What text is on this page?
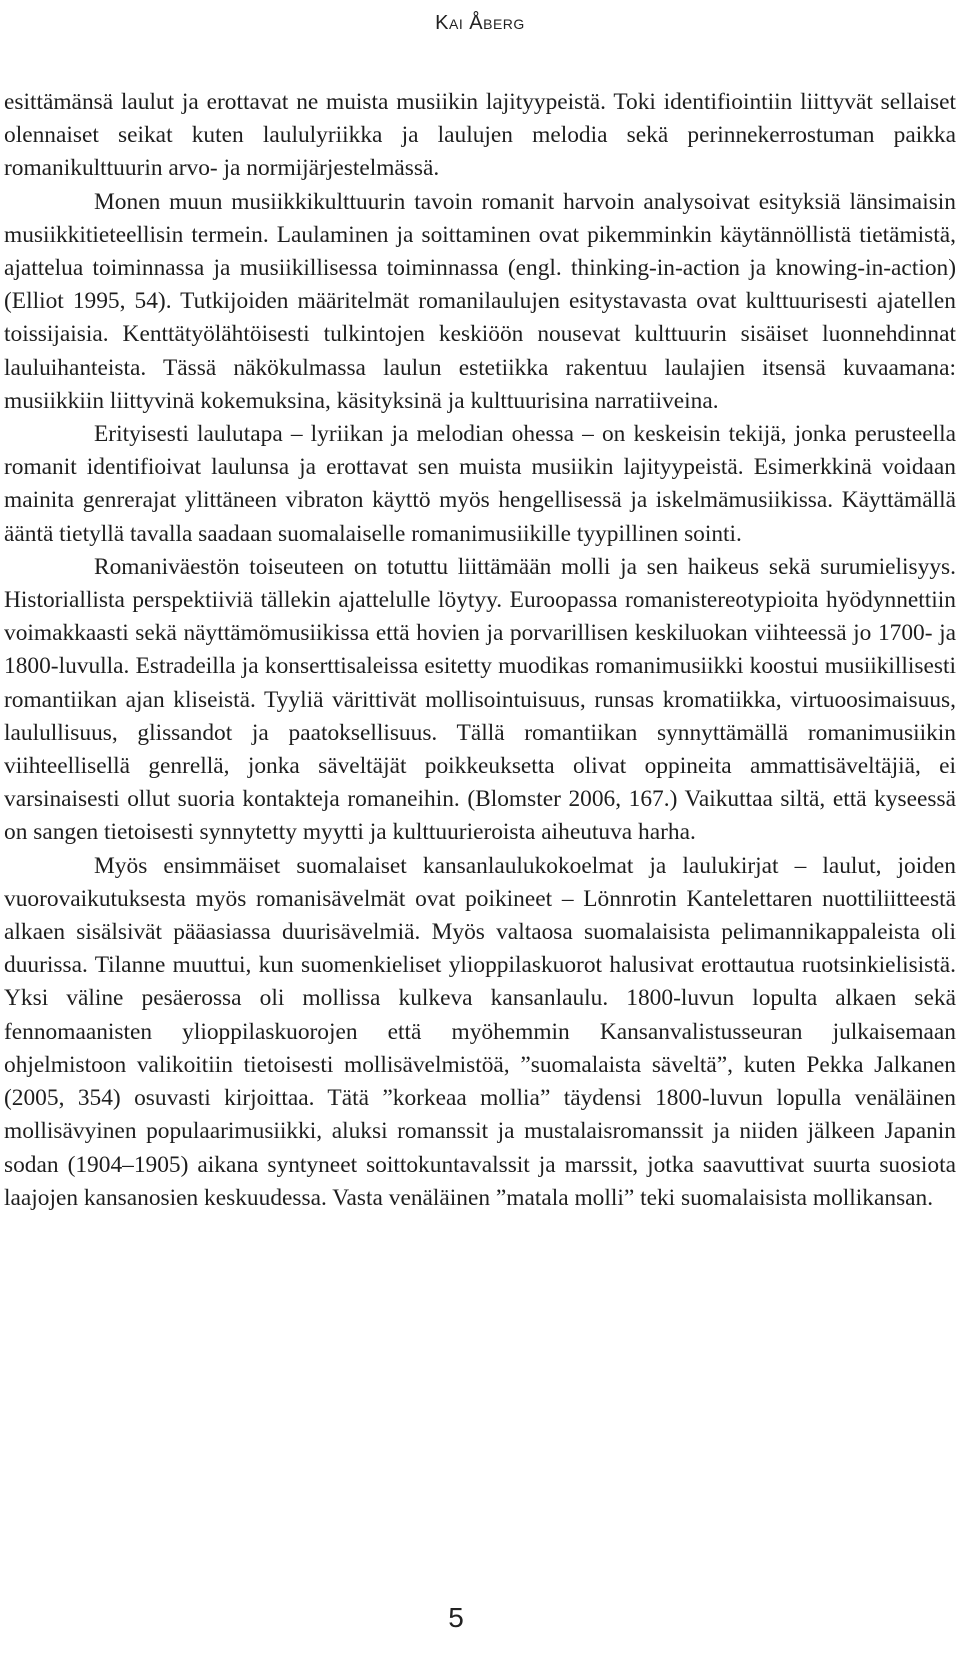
Kai Åberg

esittämänsä laulut ja erottavat ne muista musiikin lajityypeistä. Toki identifiointiin liittyvät sellaiset olennaiset seikat kuten laululyriikka ja laulujen melodia sekä perinnekerrostuman paikka romanikulttuurin arvo- ja normijärjestelmässä.

Monen muun musiikkikulttuurin tavoin romanit harvoin analysoivat esityksiä länsimaisin musiikkitieteellisin termein. Laulaminen ja soittaminen ovat pikemminkin käytännöllistä tietämistä, ajattelua toiminnassa ja musiikillisessa toiminnassa (engl. thinking-in-action ja knowing-in-action) (Elliot 1995, 54). Tutkijoiden määritelmät romanilaulujen esitystavasta ovat kulttuurisesti ajatellen toissijaisia. Kenttätyölähtöisesti tulkintojen keskiöön nousevat kulttuurin sisäiset luonnehdinnat lauluihanteista. Tässä näkökulmassa laulun estetiikka rakentuu laulajien itsensä kuvaamana: musiikkiin liittyvinä kokemuksina, käsityksinä ja kulttuurisina narratiiveina.

Erityisesti laulutapa – lyriikan ja melodian ohessa – on keskeisin tekijä, jonka perusteella romanit identifioivat laulunsa ja erottavat sen muista musiikin lajityypeistä. Esimerkkinä voidaan mainita genrerajat ylittäneen vibraton käyttö myös hengellisessä ja iskelmämusiikissa. Käyttämällä ääntä tietyllä tavalla saadaan suomalaiselle romanimusiikille tyypillinen sointi.

Romaniväestön toiseuteen on totuttu liittämään molli ja sen haikeus sekä surumielisyys. Historiallista perspektiiviä tällekin ajattelulle löytyy. Euroopassa romanistereotypioita hyödynnettiin voimakkaasti sekä näyttämömusiikissa että hovien ja porvarillisen keskiluokan viihteessä jo 1700- ja 1800-luvulla. Estradeilla ja konserttisaleissa esitetty muodikas romanimusiikki koostui musiikillisesti romantiikan ajan kliseistä. Tyyliä värittivät mollisointuisuus, runsas kromatiikka, virtuoosimaisuus, laulullisuus, glissandot ja paatoksellisuus. Tällä romantiikan synnyttämällä romanimusiikin viihteellisellä genrellä, jonka säveltäjät poikkeuksetta olivat oppineita ammattisäveltäjiä, ei varsinaisesti ollut suoria kontakteja romaneihin. (Blomster 2006, 167.) Vaikuttaa siltä, että kyseessä on sangen tietoisesti synnytetty myytti ja kulttuurieroista aiheutuva harha.

Myös ensimmäiset suomalaiset kansanlaulukokoelmat ja laulukirjat – laulut, joiden vuorovaikutuksesta myös romanisävelmät ovat poikineet – Lönnrotin Kantelettaren nuottiliitteestä alkaen sisälsivät pääasiassa duurisävelmiä. Myös valtaosa suomalaisista pelimannikappaleista oli duurissa. Tilanne muuttui, kun suomenkieliset ylioppilaskuorot halusivat erottautua ruotsinkielisistä. Yksi väline pesäerossa oli mollissa kulkeva kansanlaulu. 1800-luvun lopulta alkaen sekä fennomaanisten ylioppilaskuorojen että myöhemmin Kansanvalistusseuran julkaisemaan ohjelmistoon valikoitiin tietoisesti mollisävelmistöä, ”suomalaista säveltä”, kuten Pekka Jalkanen (2005, 354) osuvasti kirjoittaa. Tätä ”korkeaa mollia” täydensi 1800-luvun lopulla venäläinen mollisävyinen populaarimusiikki, aluksi romanssit ja mustalaisromanssit ja niiden jälkeen Japanin sodan (1904–1905) aikana syntyneet soittokuntavalssit ja marssit, jotka saavuttivat suurta suosiota laajojen kansanosien keskuudessa. Vasta venäläinen ”matala molli” teki suomalaisista mollikansan.

5
